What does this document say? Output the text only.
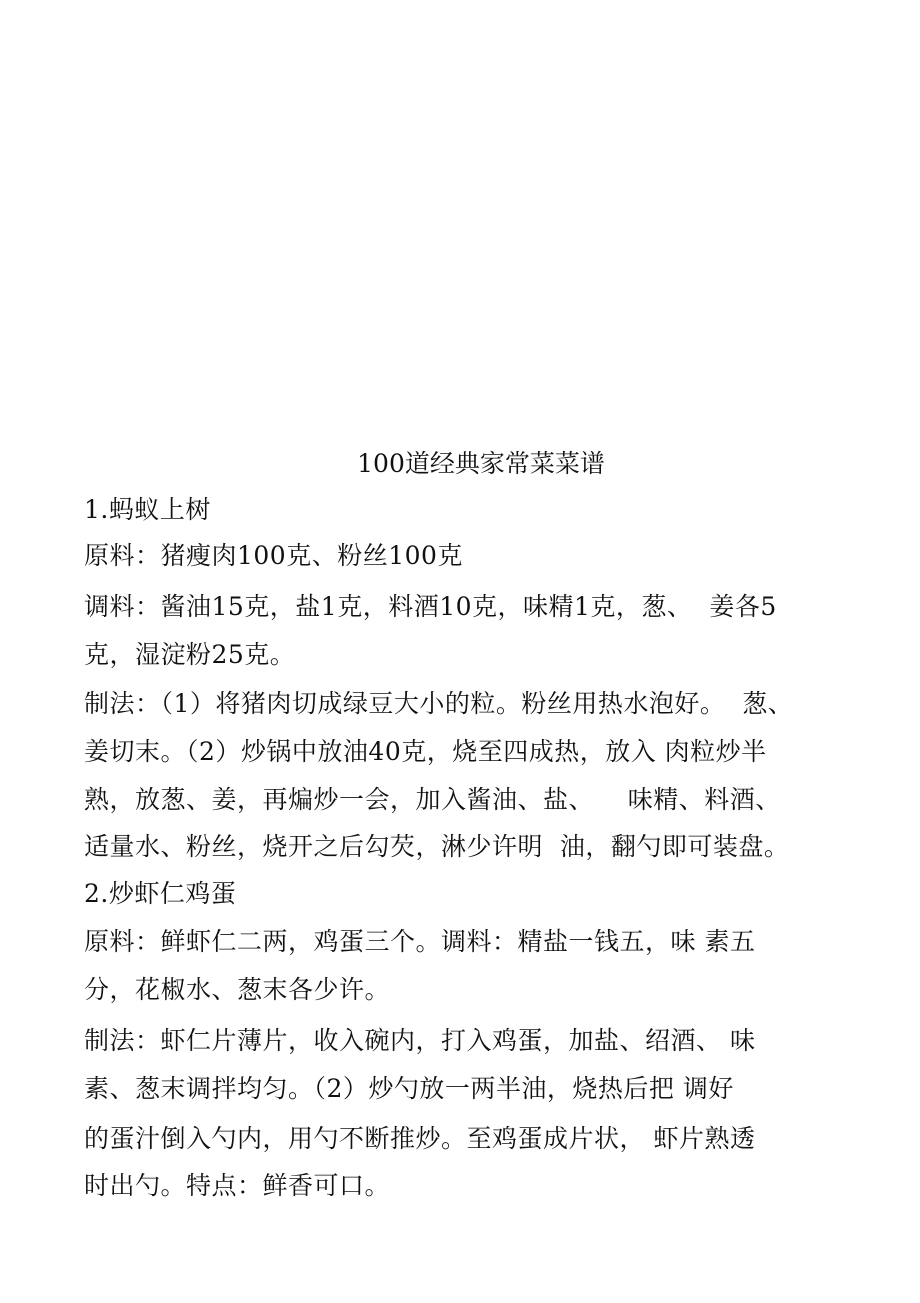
100道经典家常菜菜谱
1.蚂蚁上树
原料：猪瘦肉100克、粉丝100克
调料：酱油15克，盐1克，料酒10克，味精1克，葱、  姜各5
克，湿淀粉25克。
制法：（1）将猪肉切成绿豆大小的粒。粉丝用热水泡好。  葱、
姜切末。（2）炒锅中放油40克，烧至四成热，放入 肉粒炒半
熟，放葱、姜，再煸炒一会，加入酱油、盐、    味精、料酒、
适量水、粉丝，烧开之后勾芡，淋少许明  油，翻勺即可装盘。
2.炒虾仁鸡蛋
原料：鲜虾仁二两，鸡蛋三个。调料：精盐一钱五，味 素五
分，花椒水、葱末各少许。
制法：虾仁片薄片，收入碗内，打入鸡蛋，加盐、绍酒、 味
素、葱末调拌均匀。（2）炒勺放一两半油，烧热后把 调好
的蛋汁倒入勺内，用勺不断推炒。至鸡蛋成片状， 虾片熟透
时出勺。特点：鲜香可口。
